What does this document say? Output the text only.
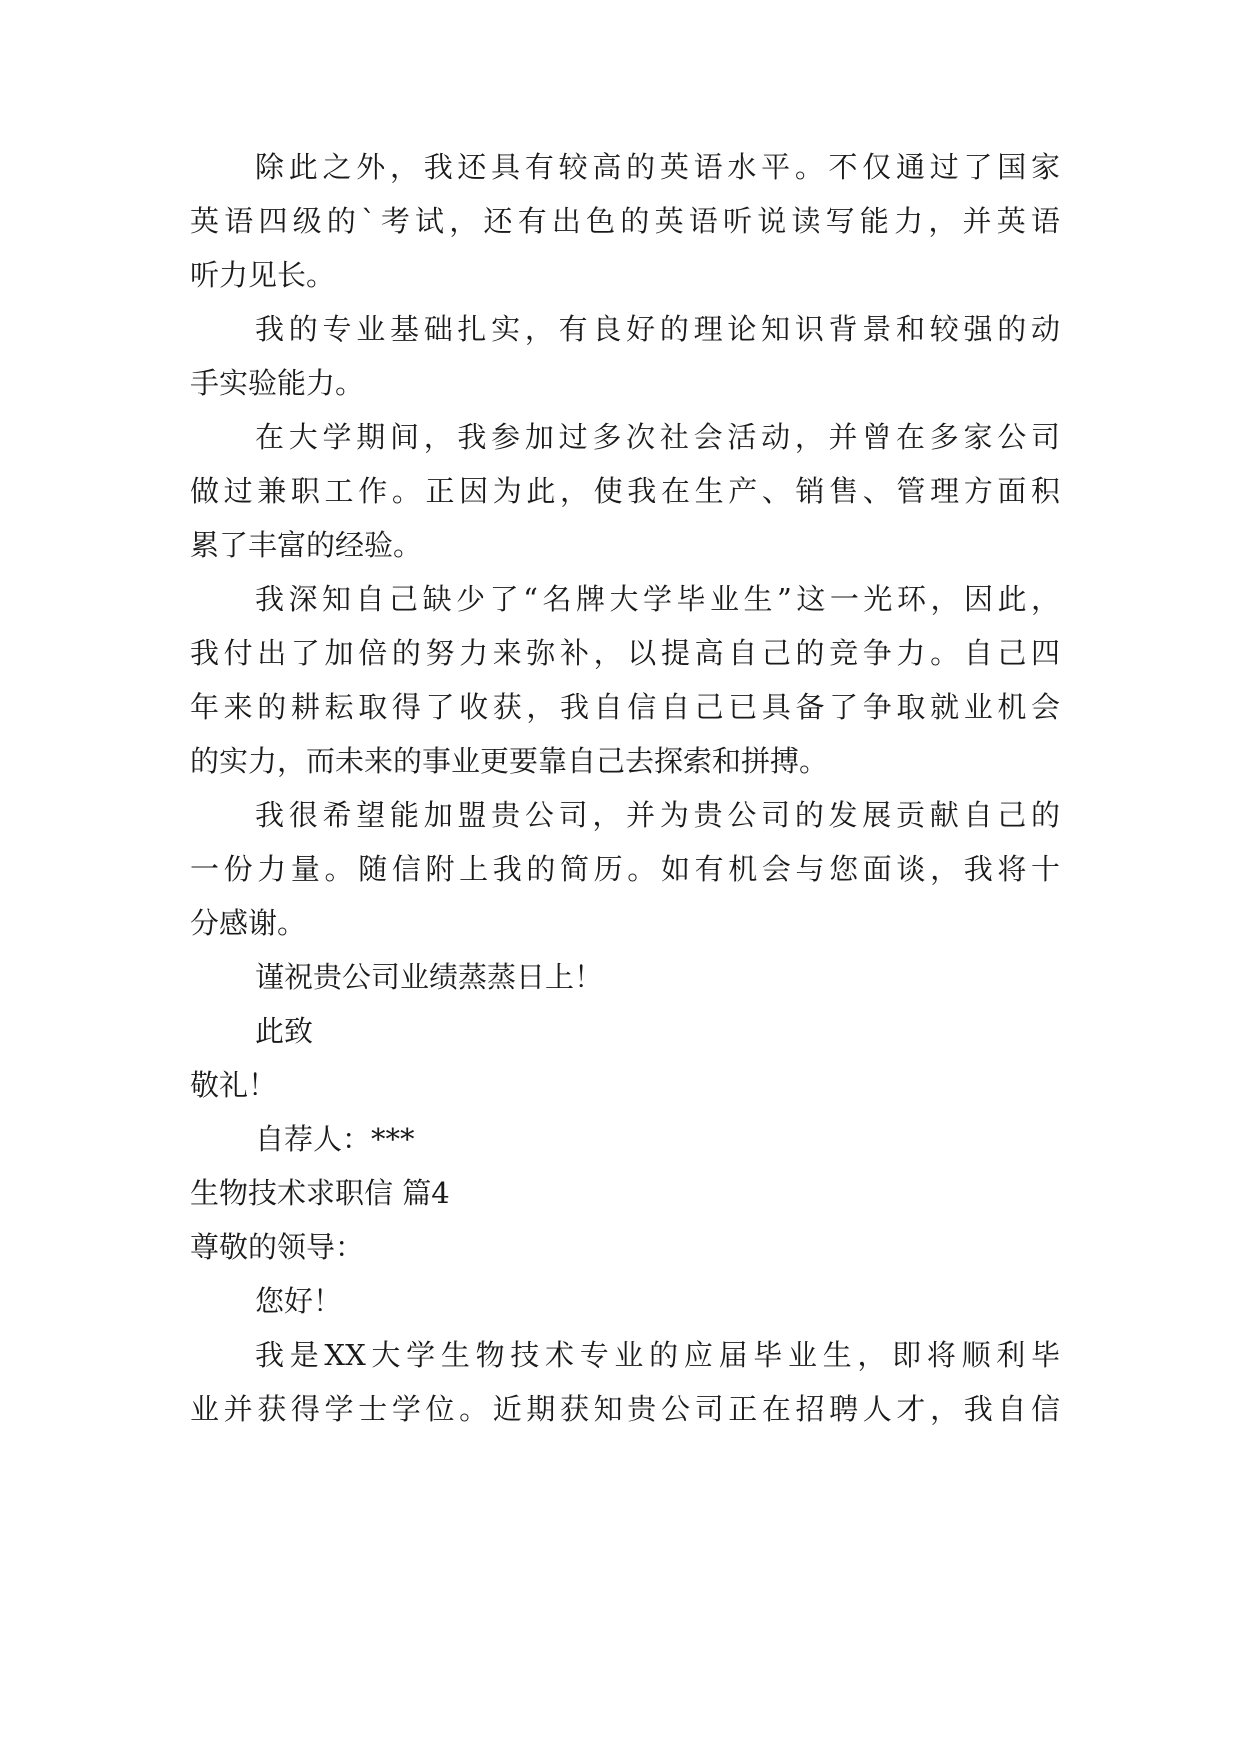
除此之外，我还具有较高的英语水平。不仅通过了国家
英语四级的`考试，还有出色的英语听说读写能力，并英语
听力见长。
我的专业基础扎实，有良好的理论知识背景和较强的动
手实验能力。
在大学期间，我参加过多次社会活动，并曾在多家公司
做过兼职工作。正因为此，使我在生产、销售、管理方面积
累了丰富的经验。
我深知自己缺少了“名牌大学毕业生”这一光环，因此，
我付出了加倍的努力来弥补，以提高自己的竞争力。自己四
年来的耕耘取得了收获，我自信自己已具备了争取就业机会
的实力，而未来的事业更要靠自己去探索和拼搏。
我很希望能加盟贵公司，并为贵公司的发展贡献自己的
一份力量。随信附上我的简历。如有机会与您面谈，我将十
分感谢。
谨祝贵公司业绩蒸蒸日上！
此致
敬礼！
自荐人：***
生物技术求职信 篇4
尊敬的领导：
您好！
我是XX大学生物技术专业的应届毕业生，即将顺利毕
业并获得学士学位。近期获知贵公司正在招聘人才，我自信
